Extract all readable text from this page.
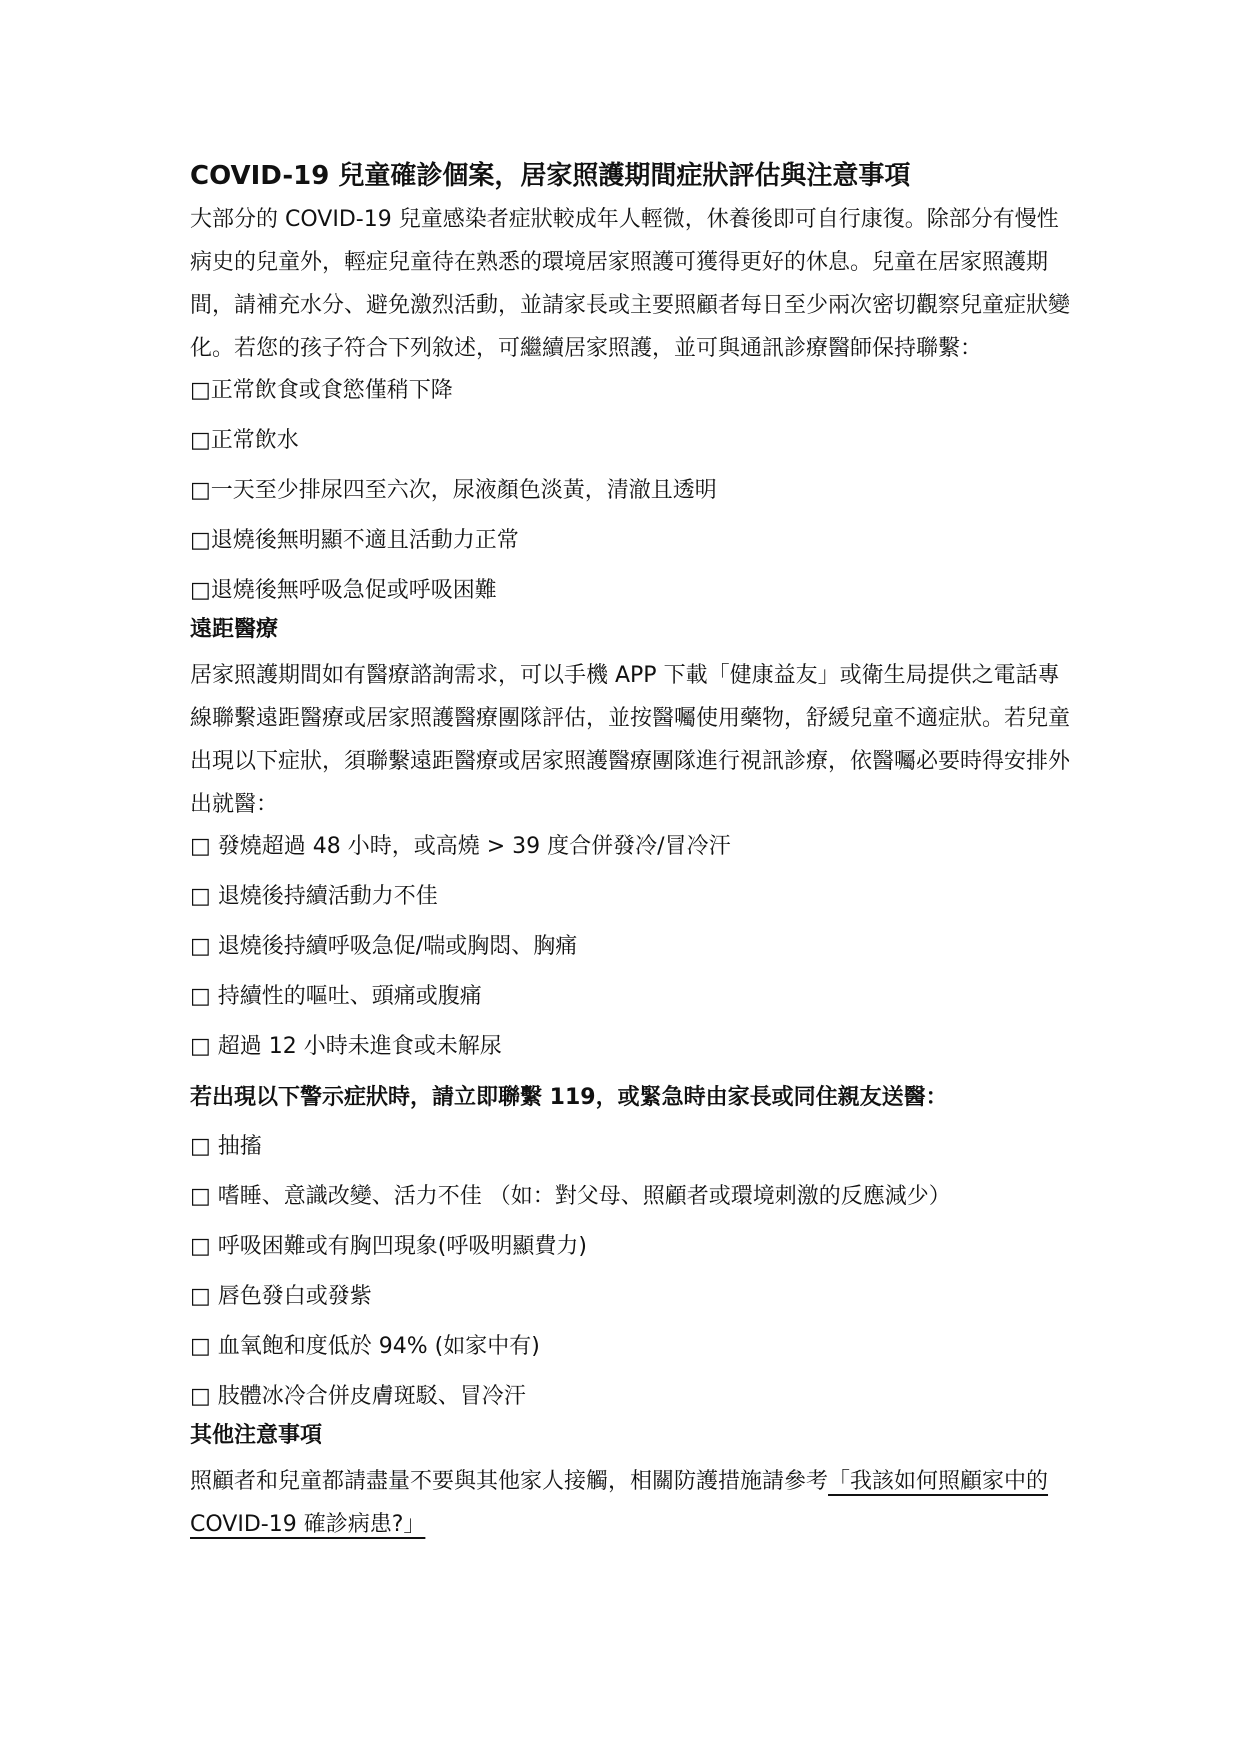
COVID-19 兒童確診個案，居家照護期間症狀評估與注意事項

大部分的 COVID-19 兒童感染者症狀較成年人輕微，休養後即可自行康復。除部分有慢性病史的兒童外，輕症兒童待在熟悉的環境居家照護可獲得更好的休息。兒童在居家照護期間，請補充水分、避免激烈活動，並請家長或主要照顧者每日至少兩次密切觀察兒童症狀變化。若您的孩子符合下列敘述，可繼續居家照護，並可與通訊診療醫師保持聯繫：

□正常飲食或食慾僅稍下降
□正常飲水
□一天至少排尿四至六次，尿液顏色淡黃，清澈且透明
□退燒後無明顯不適且活動力正常
□退燒後無呼吸急促或呼吸困難
遠距醫療

居家照護期間如有醫療諮詢需求，可以手機 APP 下載「健康益友」或衛生局提供之電話專線聯繫遠距醫療或居家照護醫療團隊評估，並按醫囑使用藥物，舒緩兒童不適症狀。若兒童出現以下症狀，須聯繫遠距醫療或居家照護醫療團隊進行視訊診療，依醫囑必要時得安排外出就醫：

□ 發燒超過 48 小時，或高燒 > 39 度合併發冷/冒冷汗
□ 退燒後持續活動力不佳
□ 退燒後持續呼吸急促/喘或胸悶、胸痛
□ 持續性的嘔吐、頭痛或腹痛
□ 超過 12 小時未進食或未解尿
若出現以下警示症狀時，請立即聯繫 119，或緊急時由家長或同住親友送醫：
□ 抽搐
□ 嗜睡、意識改變、活力不佳 （如：對父母、照顧者或環境刺激的反應減少）
□ 呼吸困難或有胸凹現象(呼吸明顯費力)
□ 唇色發白或發紫
□ 血氧飽和度低於 94% (如家中有)
□ 肢體冰冷合併皮膚斑駁、冒冷汗
其他注意事項

照顧者和兒童都請盡量不要與其他家人接觸，相關防護措施請參考「我該如何照顧家中的 COVID-19 確診病患?」
